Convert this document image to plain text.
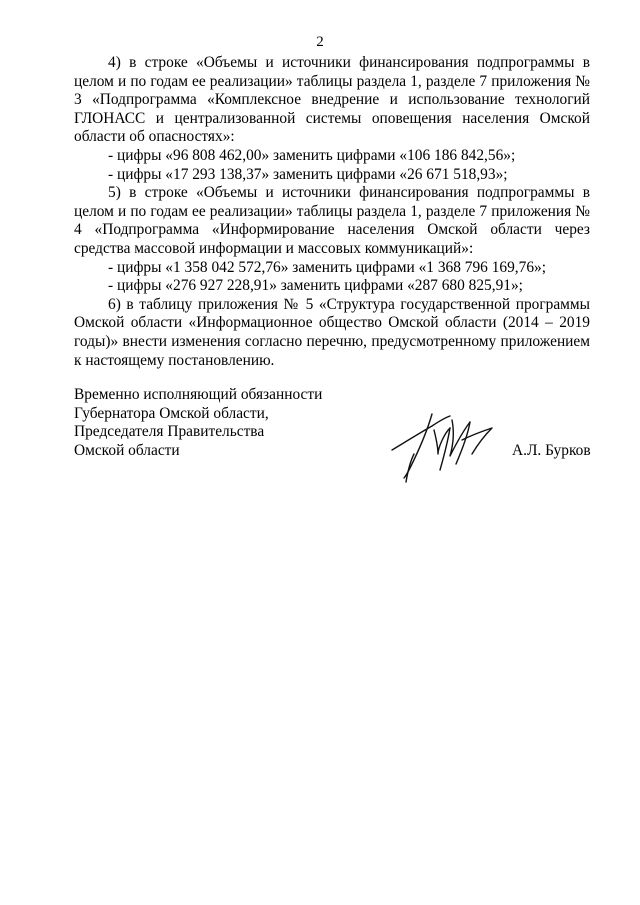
2

4) в строке «Объемы и источники финансирования подпрограммы в целом и по годам ее реализации» таблицы раздела 1, разделе 7 приложения № 3 «Подпрограмма «Комплексное внедрение и использование технологий ГЛОНАСС и централизованной системы оповещения населения Омской области об опасностях»:

- цифры «96 808 462,00» заменить цифрами «106 186 842,56»;

- цифры «17 293 138,37» заменить цифрами «26 671 518,93»;

5) в строке «Объемы и источники финансирования подпрограммы в целом и по годам ее реализации» таблицы раздела 1, разделе 7 приложения № 4 «Подпрограмма «Информирование населения Омской области через средства массовой информации и массовых коммуникаций»:

- цифры «1 358 042 572,76» заменить цифрами «1 368 796 169,76»;

- цифры «276 927 228,91» заменить цифрами «287 680 825,91»;

6) в таблицу приложения № 5 «Структура государственной программы Омской области «Информационное общество Омской области (2014 – 2019 годы)» внести изменения согласно перечню, предусмотренному приложением к настоящему постановлению.

Временно исполняющий обязанности
Губернатора Омской области,
Председателя Правительства
Омской области	А.Л. Бурков
